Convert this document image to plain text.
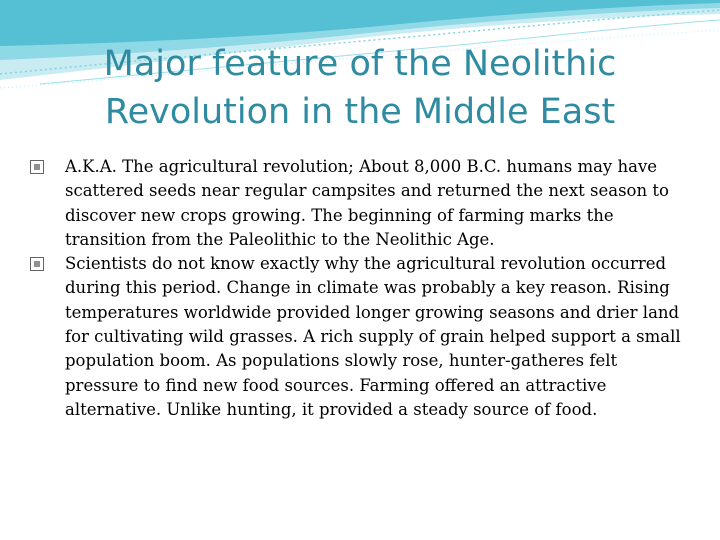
Major feature of the Neolithic Revolution in the Middle East
A.K.A. The agricultural revolution; About 8,000 B.C. humans may have scattered seeds near regular campsites and returned the next season to discover new crops growing. The beginning of farming marks the transition from the Paleolithic to the Neolithic Age.
Scientists do not know exactly why the agricultural revolution occurred during this period. Change in climate was probably a key reason. Rising temperatures worldwide provided longer growing seasons and drier land for cultivating wild grasses. A rich supply of grain helped support a small population boom. As populations slowly rose, hunter-gatheres felt pressure to find new food sources. Farming offered an attractive alternative. Unlike hunting, it provided a steady source of food.
